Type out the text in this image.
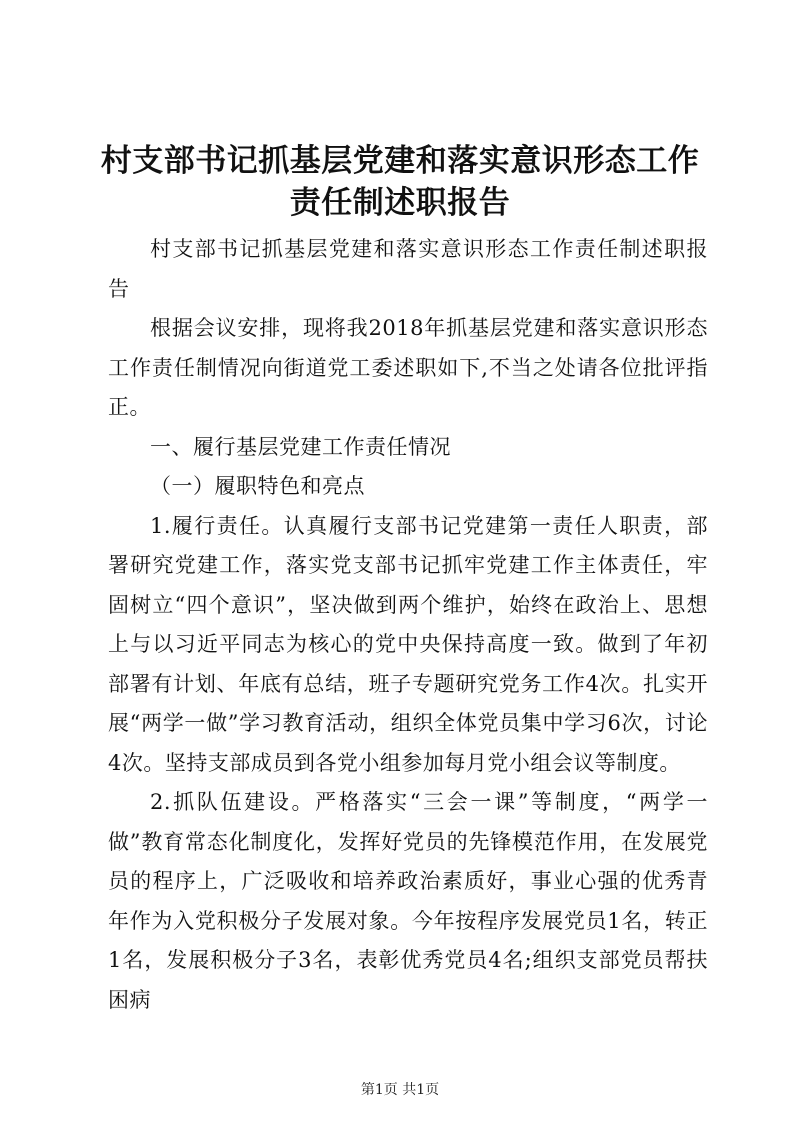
村支部书记抓基层党建和落实意识形态工作责任制述职报告

村支部书记抓基层党建和落实意识形态工作责任制述职报告

根据会议安排，现将我2018年抓基层党建和落实意识形态工作责任制情况向街道党工委述职如下,不当之处请各位批评指正。

一、履行基层党建工作责任情况

（一）履职特色和亮点

1.履行责任。认真履行支部书记党建第一责任人职责，部署研究党建工作，落实党支部书记抓牢党建工作主体责任，牢固树立“四个意识”，坚决做到两个维护，始终在政治上、思想上与以习近平同志为核心的党中央保持高度一致。做到了年初部署有计划、年底有总结，班子专题研究党务工作4次。扎实开展“两学一做”学习教育活动，组织全体党员集中学习6次，讨论4次。坚持支部成员到各党小组参加每月党小组会议等制度。

2.抓队伍建设。严格落实“三会一课”等制度，“两学一做”教育常态化制度化，发挥好党员的先锋模范作用，在发展党员的程序上，广泛吸收和培养政治素质好，事业心强的优秀青年作为入党积极分子发展对象。今年按程序发展党员1名，转正1名，发展积极分子3名，表彰优秀党员4名;组织支部党员帮扶困病

第1页 共1页
